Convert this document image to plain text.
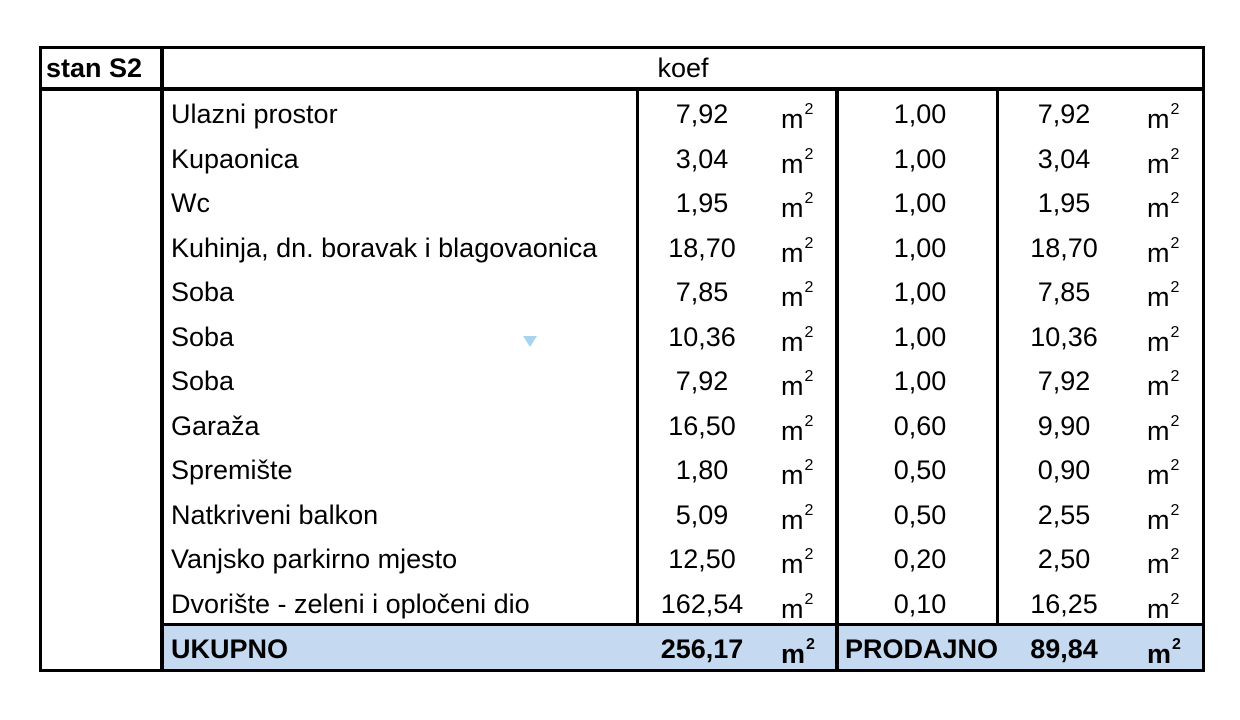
stan S2	koef
Ulazni prostor	7,92	$m^2$	1,00	7,92	$m^2$
Kupaonica	3,04	$m^2$	1,00	3,04	$m^2$
Wc	1,95	$m^2$	1,00	1,95	$m^2$
Kuhinja, dn. boravak i blagovaonica	18,70	$m^2$	1,00	18,70	$m^2$
Soba	7,85	$m^2$	1,00	7,85	$m^2$
Soba	10,36	$m^2$	1,00	10,36	$m^2$
Soba	7,92	$m^2$	1,00	7,92	$m^2$
Garaža	16,50	$m^2$	0,60	9,90	$m^2$
Spremište	1,80	$m^2$	0,50	0,90	$m^2$
Natkriveni balkon	5,09	$m^2$	0,50	2,55	$m^2$
Vanjsko parkirno mjesto	12,50	$m^2$	0,20	2,50	$m^2$
Dvorište - zeleni i opločeni dio	162,54	$m^2$	0,10	16,25	$m^2$
UKUPNO	256,17	$m^2$	PRODAJNO	89,84	$m^2$
